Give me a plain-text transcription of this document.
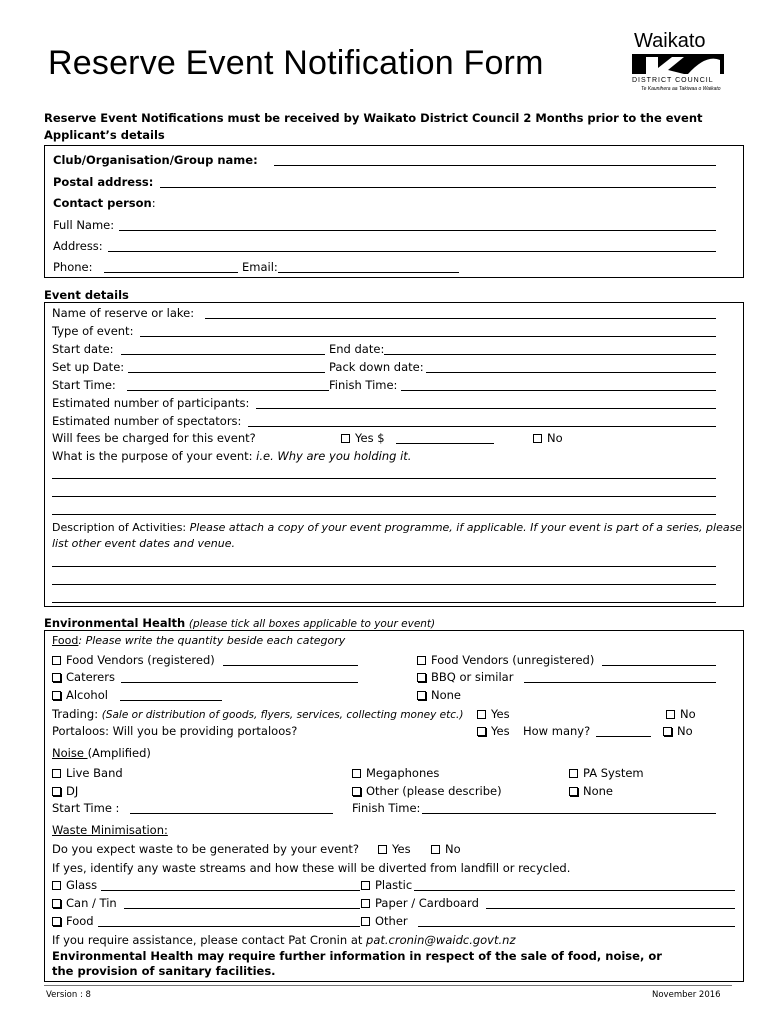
Reserve Event Notification Form
Waikato
DISTRICT COUNCIL
Te Kaunihera aa Takiwaa o Waikato
Reserve Event Notifications must be received by Waikato District Council 2 Months prior to the event
Applicant’s details
Club/Organisation/Group name:
Postal address:
Contact person:
Full Name:
Address:
Phone:	Email:
Event details
Name of reserve or lake:
Type of event:
Start date:	End date:
Set up Date:	Pack down date:
Start Time:	Finish Time:
Estimated number of participants:
Estimated number of spectators:
Will fees be charged for this event?	Yes $	No
What is the purpose of your event: i.e. Why are you holding it.
Description of Activities: Please attach a copy of your event programme, if applicable. If your event is part of a series, please
list other event dates and venue.
Environmental Health (please tick all boxes applicable to your event)
Food: Please write the quantity beside each category
Food Vendors (registered)	Food Vendors (unregistered)
Caterers	BBQ or similar
Alcohol	None
Trading: (Sale or distribution of goods, flyers, services, collecting money etc.)	Yes	No
Portaloos: Will you be providing portaloos?	Yes How many?	No
Noise (Amplified)
Live Band	Megaphones	PA System
DJ	Other (please describe)	None
Start Time :	Finish Time:
Waste Minimisation:
Do you expect waste to be generated by your event?	Yes	No
If yes, identify any waste streams and how these will be diverted from landfill or recycled.
Glass	Plastic
Can / Tin	Paper / Cardboard
Food	Other
If you require assistance, please contact Pat Cronin at pat.cronin@waidc.govt.nz
Environmental Health may require further information in respect of the sale of food, noise, or
the provision of sanitary facilities.
Version : 8	November 2016
